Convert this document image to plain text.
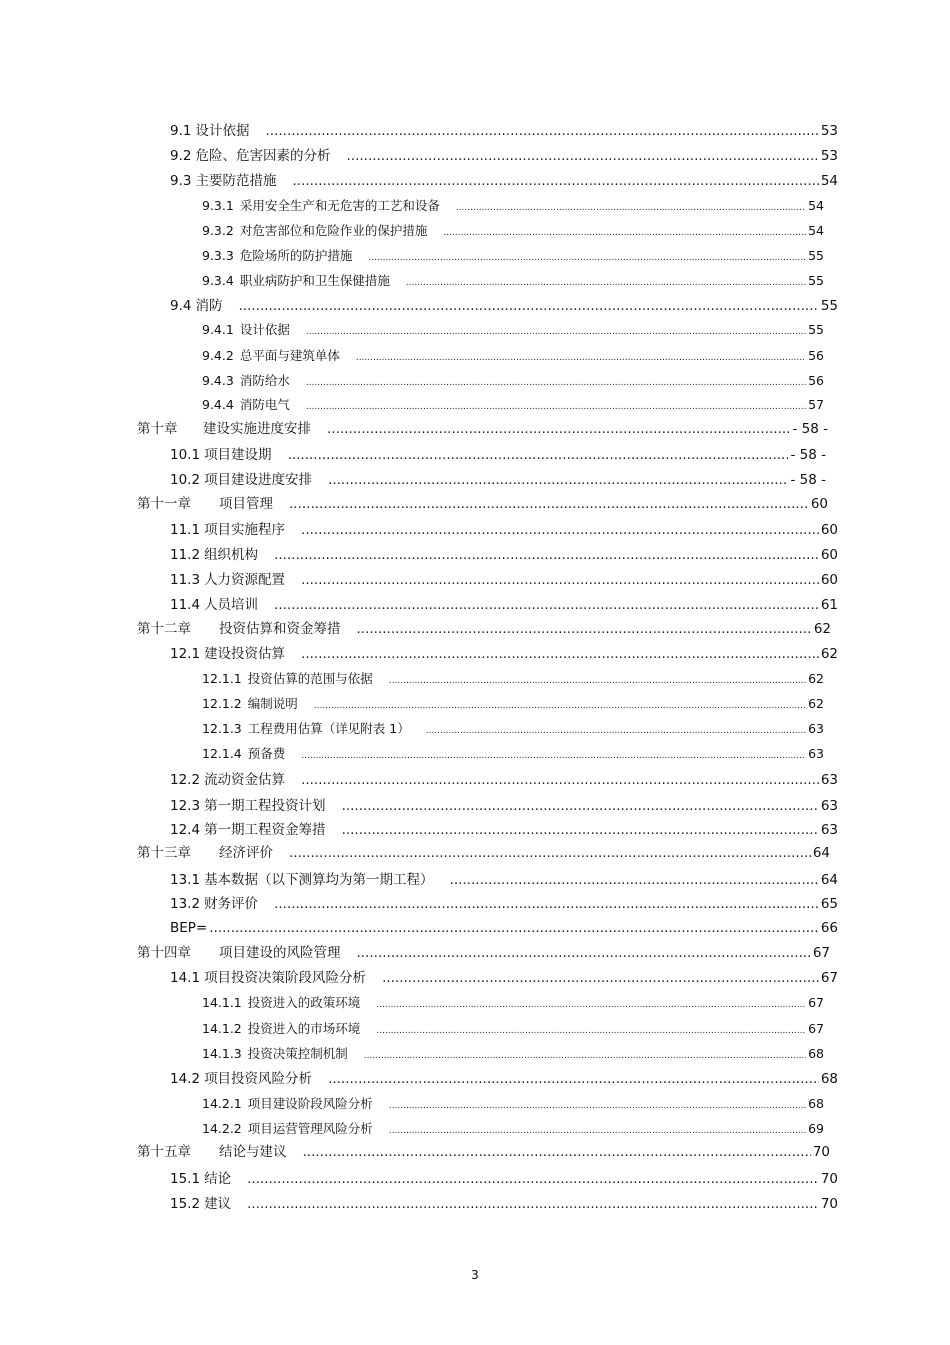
9.1 设计依据 .....	53
9.2 危险、危害因素的分析 .....	53
9.3 主要防范措施 .....	54
9.3.1 采用安全生产和无危害的工艺和设备 .....	54
9.3.2 对危害部位和危险作业的保护措施 .....	54
9.3.3 危险场所的防护措施 .....	55
9.3.4 职业病防护和卫生保健措施 .....	55
9.4 消防 .....	55
9.4.1 设计依据 .....	55
9.4.2 总平面与建筑单体 .....	56
9.4.3 消防给水 .....	56
9.4.4 消防电气 .....	57
第十章	建设实施进度安排 .....	- 58 -
10.1 项目建设期 .....	- 58 -
10.2 项目建设进度安排 .....	- 58 -
第十一章	项目管理 .....	60
11.1 项目实施程序 .....	60
11.2 组织机构 .....	60
11.3 人力资源配置 .....	60
11.4 人员培训 .....	61
第十二章	投资估算和资金筹措 .....	62
12.1 建设投资估算 .....	62
12.1.1 投资估算的范围与依据 .....	62
12.1.2 编制说明 .....	62
12.1.3 工程费用估算（详见附表 1） .....	63
12.1.4 预备费 .....	63
12.2 流动资金估算 .....	63
12.3 第一期工程投资计划 .....	63
12.4 第一期工程资金筹措 .....	63
第十三章	经济评价 .....	64
13.1 基本数据（以下测算均为第一期工程） .....	64
13.2 财务评价 .....	65
BEP= .....	66
第十四章	项目建设的风险管理 .....	67
14.1 项目投资决策阶段风险分析 .....	67
14.1.1 投资进入的政策环境 .....	67
14.1.2 投资进入的市场环境 .....	67
14.1.3 投资决策控制机制 .....	68
14.2 项目投资风险分析 .....	68
14.2.1 项目建设阶段风险分析 .....	68
14.2.2 项目运营管理风险分析 .....	69
第十五章	结论与建议 .....	70
15.1 结论 .....	70
15.2 建议 .....	70
3
